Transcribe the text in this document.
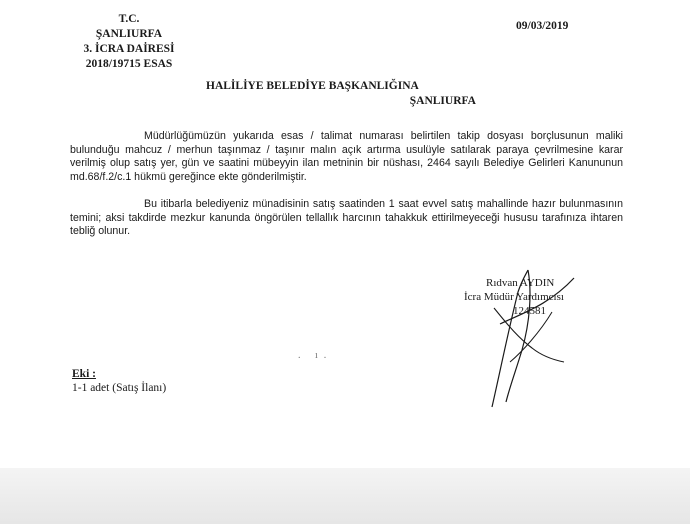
T.C.
ŞANLIURFA
3. İCRA DAİRESİ
2018/19715 ESAS
09/03/2019
HALİLİYE BELEDİYE BAŞKANLIĞINA
ŞANLIURFA

Müdürlüğümüzün yukarıda esas / talimat numarası belirtilen takip dosyası borçlusunun maliki bulunduğu mahcuz / merhun taşınmaz / taşınır malın açık artırma usulüyle satılarak paraya çevrilmesine karar verilmiş olup satış yer, gün ve saatini mübeyyin ilan metninin bir nüshası, 2464 sayılı Belediye Gelirleri Kanununun md.68/f.2/c.1 hükmü gereğince ekte gönderilmiştir.

Bu itibarla belediyeniz münadisinin satış saatinden 1 saat evvel satış mahallinde hazır bulunmasının temini; aksi takdirde mezkur kanunda öngörülen tellallık harcının tahakkuk ettirilmeyeceği hususu tarafınıza ihtaren tebliğ olunur.

Rıdvan AYDIN
İcra Müdür Yardımcısı
124581
. ı.
Eki :
1-1 adet (Satış İlanı)
